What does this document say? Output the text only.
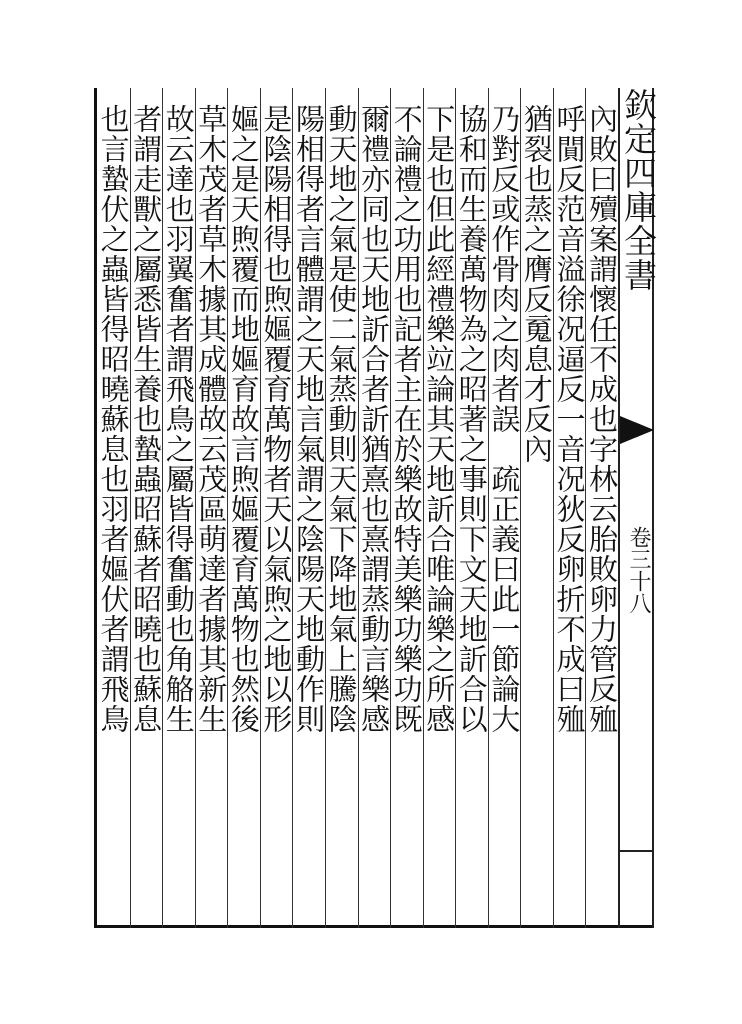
欽定四庫全書
卷三十八
內敗曰殰案謂懷任不成也字林云胎敗卵力管反殈
呼閴反范音溢徐况逼反一音况狄反卵折不成曰殈
猶裂也蒸之膺反䰟息才反內
乃對反或作骨肉之肉者誤　疏正義曰此一節論大
協和而生養萬物為之昭著之事則下文天地訢合以
下是也但此經禮樂竝論其天地訢合唯論樂之所感
不論禮之功用也記者主在於樂故特美樂功樂功既
爾禮亦同也天地訢合者訢猶熹也熹謂蒸動言樂感
動天地之氣是使二氣蒸動則天氣下降地氣上騰陰
陽相得者言體謂之天地言氣謂之陰陽天地動作則
是陰陽相得也煦嫗覆育萬物者天以氣煦之地以形
嫗之是天煦覆而地嫗育故言煦嫗覆育萬物也然後
草木茂者草木據其成體故云茂區萌達者據其新生
故云達也羽翼奮者謂飛鳥之屬皆得奮動也角觡生
者謂走獸之屬悉皆生養也蟄蟲昭蘇者昭曉也蘇息
也言蟄伏之蟲皆得昭曉蘇息也羽者嫗伏者謂飛鳥
